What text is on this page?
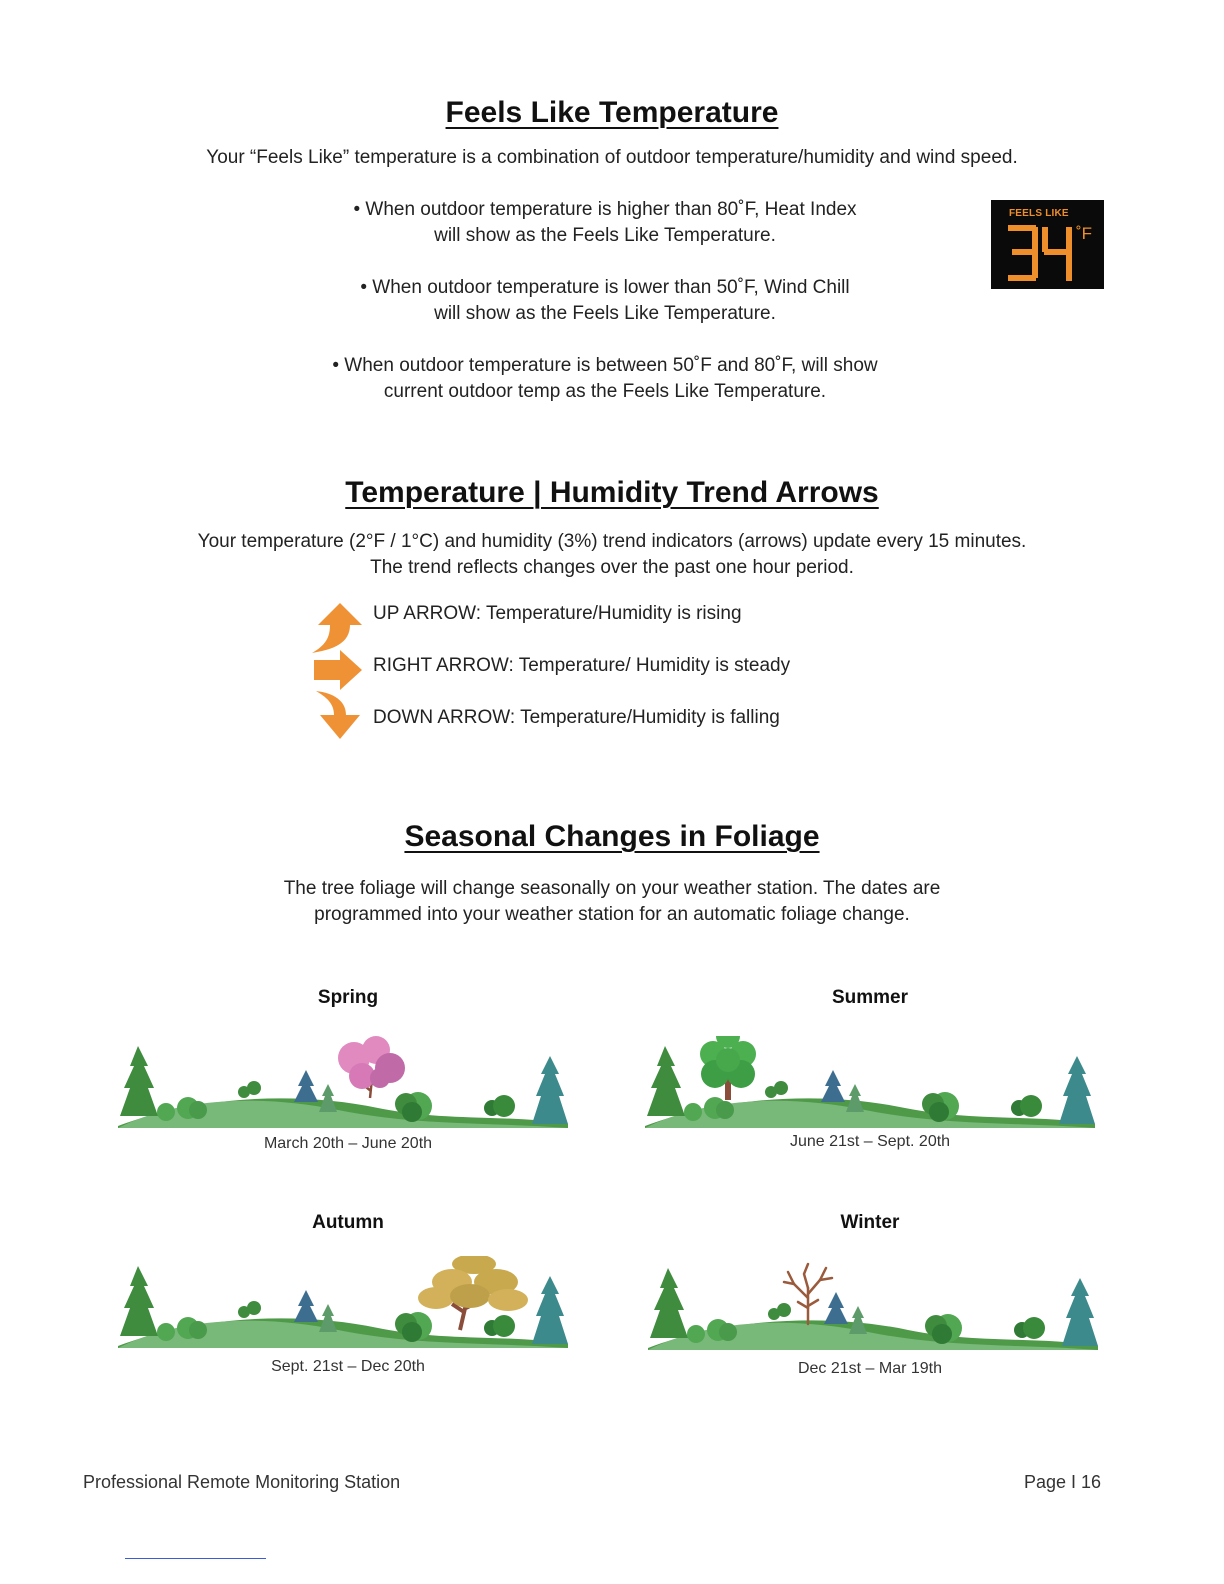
Feels Like Temperature

Your “Feels Like” temperature is a combination of outdoor temperature/humidity and wind speed.

• When outdoor temperature is higher than 80˚F, Heat Index
will show as the Feels Like Temperature.
• When outdoor temperature is lower than 50˚F, Wind Chill
will show as the Feels Like Temperature.
• When outdoor temperature is between 50˚F and 80˚F, will show
current outdoor temp as the Feels Like Temperature.
FEELS LIKE
˚F
Temperature | Humidity Trend Arrows

Your temperature (2°F / 1°C) and humidity (3%) trend indicators (arrows) update every 15 minutes.

The trend reflects changes over the past one hour period.

UP ARROW: Temperature/Humidity is rising
RIGHT ARROW: Temperature/ Humidity is steady
DOWN ARROW: Temperature/Humidity is falling
Seasonal Changes in Foliage

The tree foliage will change seasonally on your weather station. The dates are

programmed into your weather station for an automatic foliage change.

Spring	Summer
Autumn	Winter
March 20th – June 20th	June 21st – Sept. 20th
Sept. 21st – Dec 20th	Dec 21st – Mar 19th
Professional Remote Monitoring Station	Page I 16
